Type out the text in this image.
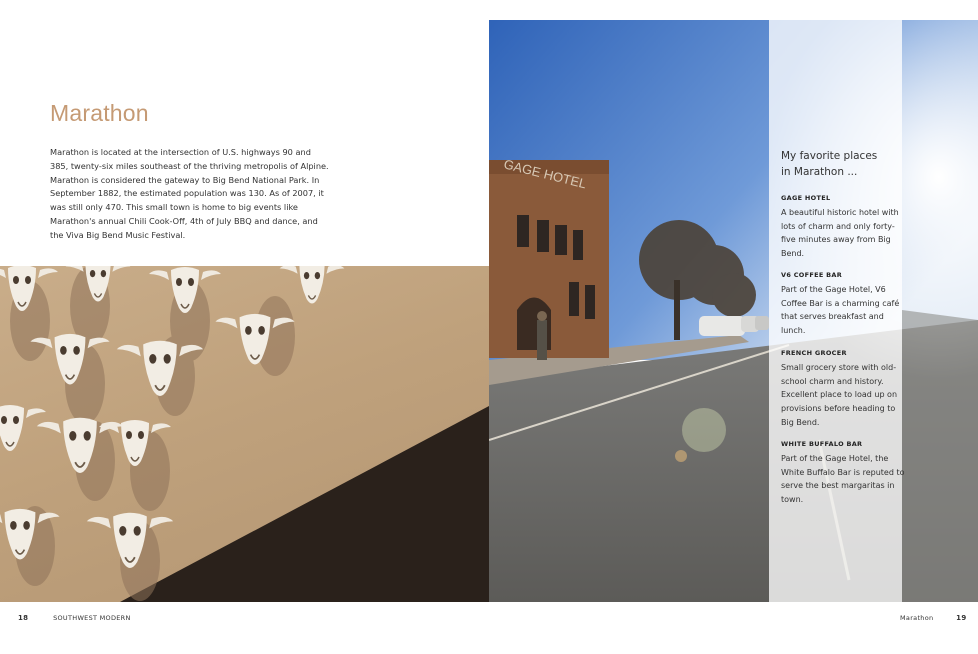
Marathon
Marathon is located at the intersection of U.S. highways 90 and 385, twenty-six miles southeast of the thriving metropolis of Alpine. Marathon is considered the gateway to Big Bend National Park. In September 1882, the estimated population was 130. As of 2007, it was still only 470. This small town is home to big events like Marathon's annual Chili Cook-Off, 4th of July BBQ and dance, and the Viva Big Bend Music Festival.
18	SOUTHWEST MODERN
My favorite places
in Marathon ...
GAGE HOTEL
A beautiful historic hotel with lots of charm and only forty-five minutes away from Big Bend.
V6 COFFEE BAR
Part of the Gage Hotel, V6 Coffee Bar is a charming café that serves breakfast and lunch.
FRENCH GROCER
Small grocery store with old-school charm and history. Excellent place to load up on provisions before heading to Big Bend.
WHITE BUFFALO BAR
Part of the Gage Hotel, the White Buffalo Bar is reputed to serve the best margaritas in town.
Marathon	19
